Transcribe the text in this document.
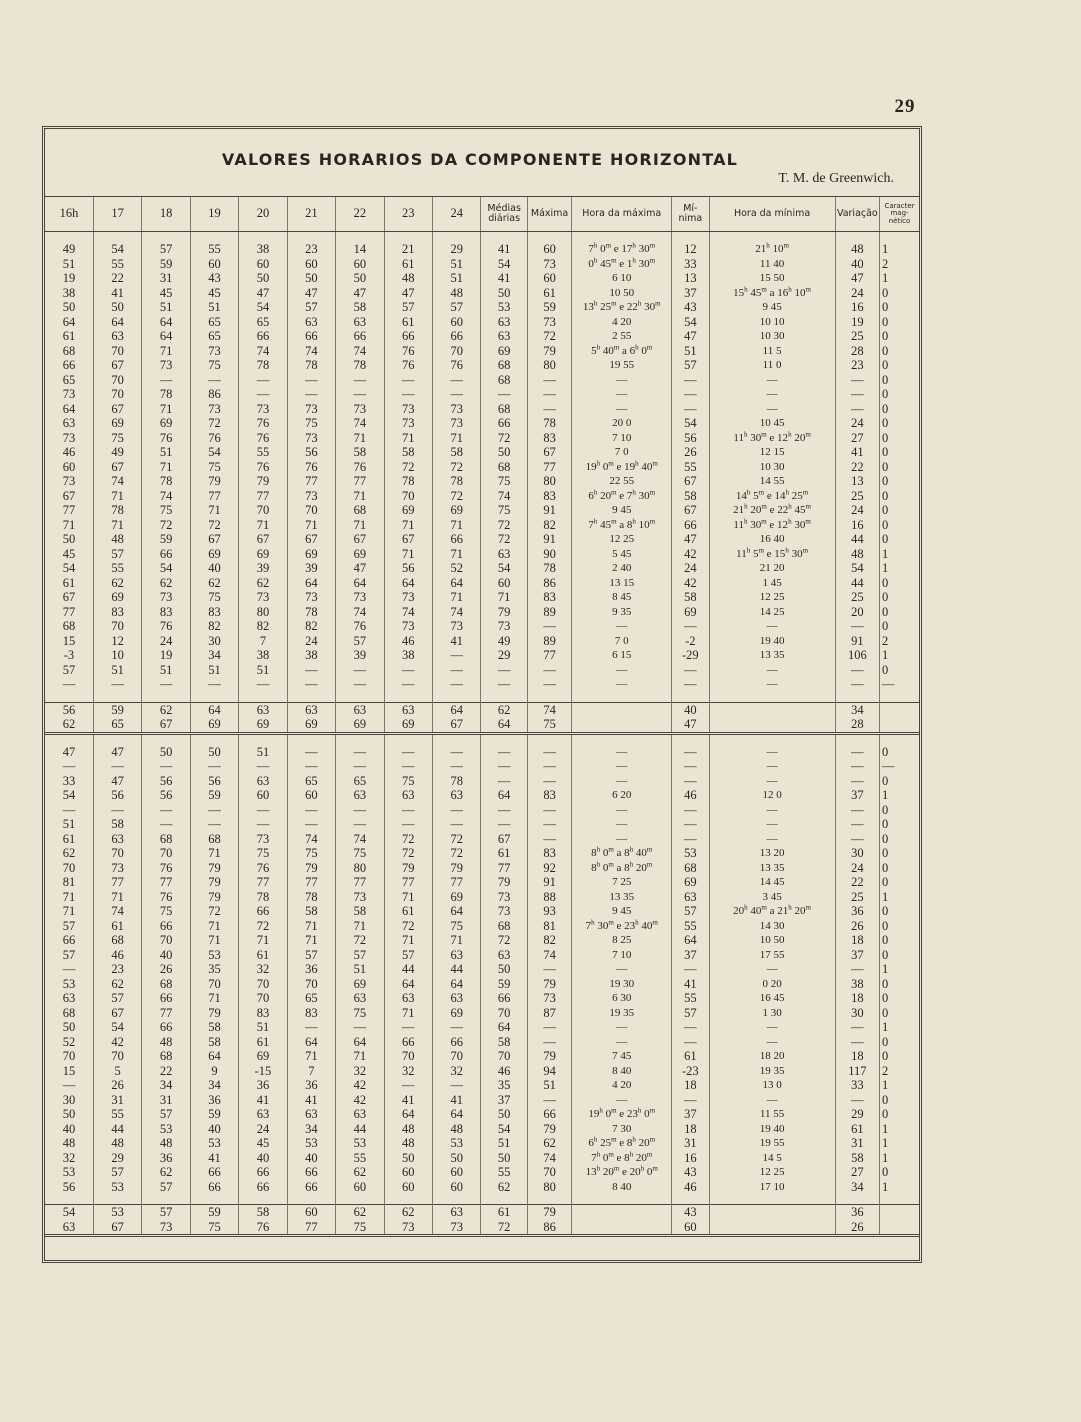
29
VALORES HORARIOS DA COMPONENTE HORIZONTAL
T. M. de Greenwich.
16h	17	18	19	20	21	22	23	24	Médias diárias	Máxima	Hora da máxima	Mí-nima	Hora da mínima	Variação	Caracter mag-nético

49	54	57	55	38	23	14	21	29	41	60	7$^h$ 0$^m$ e 17$^h$ 30$^m$	12	21$^h$ 10$^m$	48	1
51	55	59	60	60	60	60	61	51	54	73	0$^h$ 45$^m$ e 1$^h$ 30$^m$	33	11 40	40	2
19	22	31	43	50	50	50	48	51	41	60	6 10	13	15 50	47	1
38	41	45	45	47	47	47	47	48	50	61	10 50	37	15$^h$ 45$^m$ a 16$^h$ 10$^m$	24	0
50	50	51	51	54	57	58	57	57	53	59	13$^h$ 25$^m$ e 22$^h$ 30$^m$	43	9 45	16	0
64	64	64	65	65	63	63	61	60	63	73	4 20	54	10 10	19	0
61	63	64	65	66	66	66	66	66	63	72	2 55	47	10 30	25	0
68	70	71	73	74	74	74	76	70	69	79	5$^h$ 40$^m$ a 6$^h$ 0$^m$	51	11 5	28	0
66	67	73	75	78	78	78	76	76	68	80	19 55	57	11 0	23	0
65	70	—	—	—	—	—	—	—	68	—	—	—	—	—	0
73	70	78	86	—	—	—	—	—	—	—	—	—	—	—	0
64	67	71	73	73	73	73	73	73	68	—	—	—	—	—	0
63	69	69	72	76	75	74	73	73	66	78	20 0	54	10 45	24	0
73	75	76	76	76	73	71	71	71	72	83	7 10	56	11$^h$ 30$^m$ e 12$^h$ 20$^m$	27	0
46	49	51	54	55	56	58	58	58	50	67	7 0	26	12 15	41	0
60	67	71	75	76	76	76	72	72	68	77	19$^h$ 0$^m$ e 19$^h$ 40$^m$	55	10 30	22	0
73	74	78	79	79	77	77	78	78	75	80	22 55	67	14 55	13	0
67	71	74	77	77	73	71	70	72	74	83	6$^h$ 20$^m$ e 7$^h$ 30$^m$	58	14$^h$ 5$^m$ e 14$^h$ 25$^m$	25	0
77	78	75	71	70	70	68	69	69	75	91	9 45	67	21$^h$ 20$^m$ e 22$^h$ 45$^m$	24	0
71	71	72	72	71	71	71	71	71	72	82	7$^h$ 45$^m$ a 8$^h$ 10$^m$	66	11$^h$ 30$^m$ e 12$^h$ 30$^m$	16	0
50	48	59	67	67	67	67	67	66	72	91	12 25	47	16 40	44	0
45	57	66	69	69	69	69	71	71	63	90	5 45	42	11$^h$ 5$^m$ e 15$^h$ 30$^m$	48	1
54	55	54	40	39	39	47	56	52	54	78	2 40	24	21 20	54	1
61	62	62	62	62	64	64	64	64	60	86	13 15	42	1 45	44	0
67	69	73	75	73	73	73	73	71	71	83	8 45	58	12 25	25	0
77	83	83	83	80	78	74	74	74	79	89	9 35	69	14 25	20	0
68	70	76	82	82	82	76	73	73	73	—	—	—	—	—	0
15	12	24	30	7	24	57	46	41	49	89	7 0	-2	19 40	91	2
-3	10	19	34	38	38	39	38	—	29	77	6 15	-29	13 35	106	1
57	51	51	51	51	—	—	—	—	—	—	—	—	—	—	0
—	—	—	—	—	—	—	—	—	—	—	—	—	—	—	—

56	59	62	64	63	63	63	63	64	62	74		40		34	
62	65	67	69	69	69	69	69	67	64	75		47		28	

47	47	50	50	51	—	—	—	—	—	—	—	—	—	—	0
—	—	—	—	—	—	—	—	—	—	—	—	—	—	—	—
33	47	56	56	63	65	65	75	78	—	—	—	—	—	—	0
54	56	56	59	60	60	63	63	63	64	83	6 20	46	12 0	37	1
—	—	—	—	—	—	—	—	—	—	—	—	—	—	—	0
51	58	—	—	—	—	—	—	—	—	—	—	—	—	—	0
61	63	68	68	73	74	74	72	72	67	—	—	—	—	—	0
62	70	70	71	75	75	75	72	72	61	83	8$^h$ 0$^m$ a 8$^h$ 40$^m$	53	13 20	30	0
70	73	76	79	76	79	80	79	79	77	92	8$^h$ 0$^m$ a 8$^h$ 20$^m$	68	13 35	24	0
81	77	77	79	77	77	77	77	77	79	91	7 25	69	14 45	22	0
71	71	76	79	78	78	73	71	69	73	88	13 35	63	3 45	25	1
71	74	75	72	66	58	58	61	64	73	93	9 45	57	20$^h$ 40$^m$ a 21$^h$ 20$^m$	36	0
57	61	66	71	72	71	71	72	75	68	81	7$^h$ 30$^m$ e 23$^h$ 40$^m$	55	14 30	26	0
66	68	70	71	71	71	72	71	71	72	82	8 25	64	10 50	18	0
57	46	40	53	61	57	57	57	63	63	74	7 10	37	17 55	37	0
—	23	26	35	32	36	51	44	44	50	—	—	—	—	—	1
53	62	68	70	70	70	69	64	64	59	79	19 30	41	0 20	38	0
63	57	66	71	70	65	63	63	63	66	73	6 30	55	16 45	18	0
68	67	77	79	83	83	75	71	69	70	87	19 35	57	1 30	30	0
50	54	66	58	51	—	—	—	—	64	—	—	—	—	—	1
52	42	48	58	61	64	64	66	66	58	—	—	—	—	—	0
70	70	68	64	69	71	71	70	70	70	79	7 45	61	18 20	18	0
15	5	22	9	-15	7	32	32	32	46	94	8 40	-23	19 35	117	2
—	26	34	34	36	36	42	—	—	35	51	4 20	18	13 0	33	1
30	31	31	36	41	41	42	41	41	37	—	—	—	—	—	0
50	55	57	59	63	63	63	64	64	50	66	19$^h$ 0$^m$ e 23$^h$ 0$^m$	37	11 55	29	0
40	44	53	40	24	34	44	48	48	54	79	7 30	18	19 40	61	1
48	48	48	53	45	53	53	48	53	51	62	6$^h$ 25$^m$ e 8$^h$ 20$^m$	31	19 55	31	1
32	29	36	41	40	40	55	50	50	50	74	7$^h$ 0$^m$ e 8$^h$ 20$^m$	16	14 5	58	1
53	57	62	66	66	66	62	60	60	55	70	13$^h$ 20$^m$ e 20$^h$ 0$^m$	43	12 25	27	0
56	53	57	66	66	66	60	60	60	62	80	8 40	46	17 10	34	1

54	53	57	59	58	60	62	62	63	61	79		43		36	
63	67	73	75	76	77	75	73	73	72	86		60		26	
